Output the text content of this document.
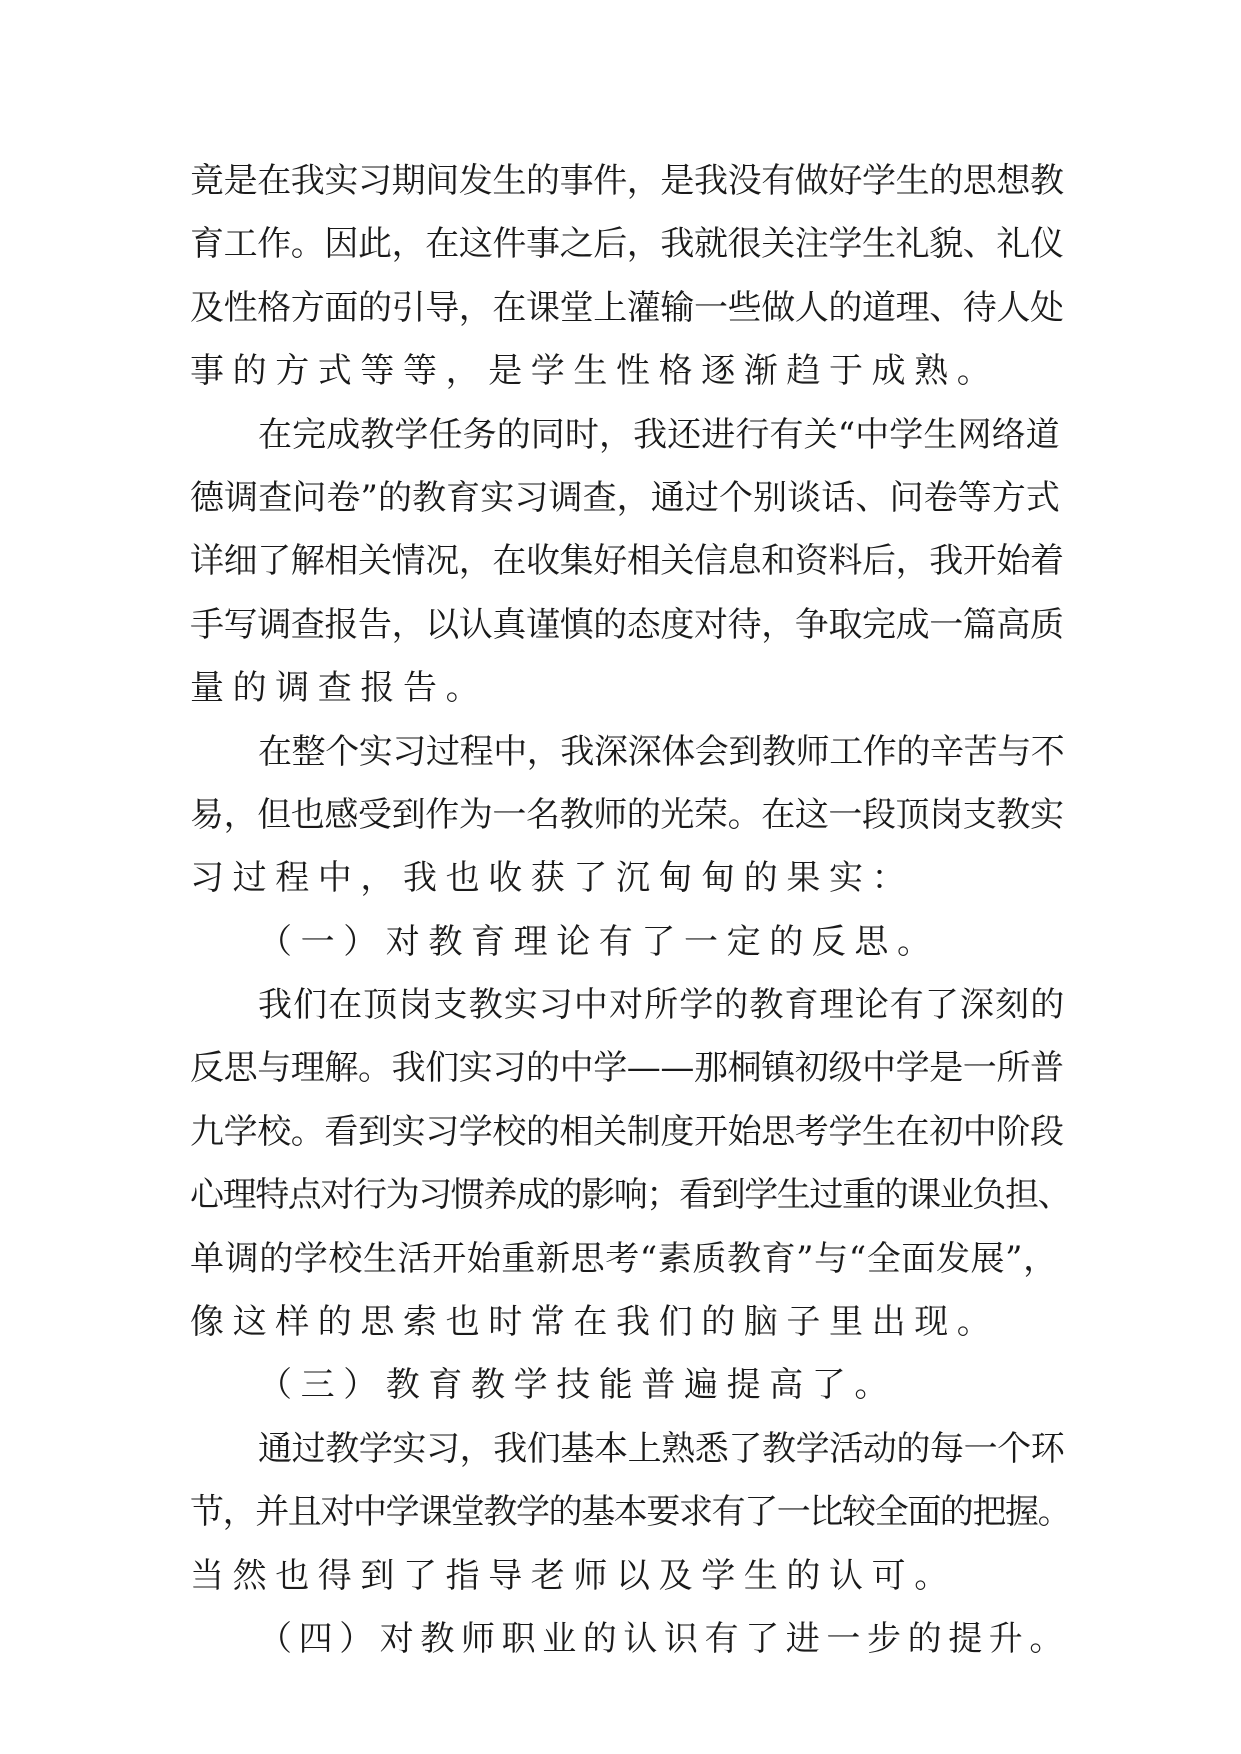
竟是在我实习期间发生的事件，是我没有做好学生的思想教
育工作。因此，在这件事之后，我就很关注学生礼貌、礼仪
及性格方面的引导，在课堂上灌输一些做人的道理、待人处
事的方式等等，是学生性格逐渐趋于成熟。
在完成教学任务的同时，我还进行有关“中学生网络道
德调查问卷”的教育实习调查，通过个别谈话、问卷等方式
详细了解相关情况，在收集好相关信息和资料后，我开始着
手写调查报告，以认真谨慎的态度对待，争取完成一篇高质
量的调查报告。
在整个实习过程中，我深深体会到教师工作的辛苦与不
易，但也感受到作为一名教师的光荣。在这一段顶岗支教实
习过程中，我也收获了沉甸甸的果实：
（一）对教育理论有了一定的反思。
我们在顶岗支教实习中对所学的教育理论有了深刻的
反思与理解。我们实习的中学——那桐镇初级中学是一所普
九学校。看到实习学校的相关制度开始思考学生在初中阶段
心理特点对行为习惯养成的影响；看到学生过重的课业负担、
单调的学校生活开始重新思考“素质教育”与“全面发展”，
像这样的思索也时常在我们的脑子里出现。
（三）教育教学技能普遍提高了。
通过教学实习，我们基本上熟悉了教学活动的每一个环
节，并且对中学课堂教学的基本要求有了一比较全面的把握。
当然也得到了指导老师以及学生的认可。
（四）对教师职业的认识有了进一步的提升。
